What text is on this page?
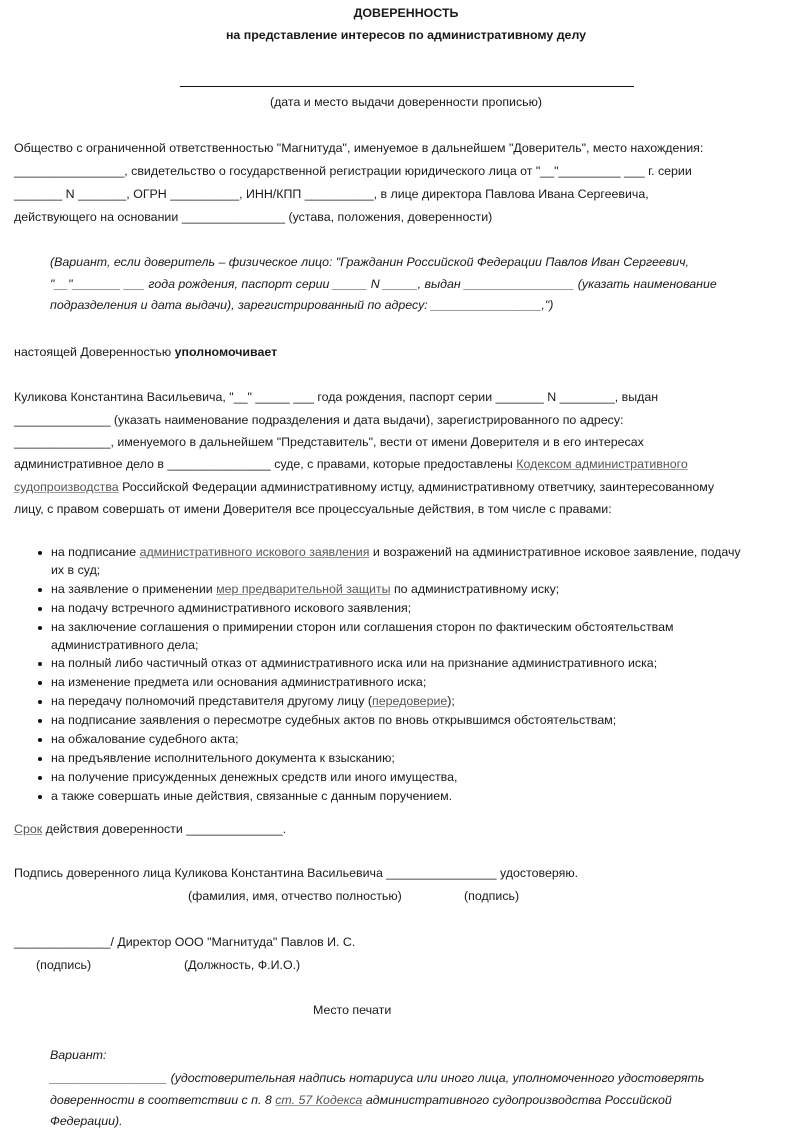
ДОВЕРЕННОСТЬ
на представление интересов по административному делу
(дата и место выдачи доверенности прописью)
Общество с ограниченной ответственностью "Магнитуда", именуемое в дальнейшем "Доверитель", место нахождения:
________________, свидетельство о государственной регистрации юридического лица от "__"_________ ___ г. серии
_______ N _______, ОГРН __________, ИНН/КПП __________, в лице директора Павлова Ивана Сергеевича,
действующего на основании _______________ (устава, положения, доверенности)
(Вариант, если доверитель – физическое лицо: "Гражданин Российской Федерации Павлов Иван Сергеевич,
"__"_______ ___ года рождения, паспорт серии _____ N _____, выдан ________________ (указать наименование
подразделения и дата выдачи), зарегистрированный по адресу: ________________,")
настоящей Доверенностью уполномочивает
Куликова Константина Васильевича, "__" _____ ___ года рождения, паспорт серии _______ N ________, выдан
______________ (указать наименование подразделения и дата выдачи), зарегистрированного по адресу:
______________, именуемого в дальнейшем "Представитель", вести от имени Доверителя и в его интересах
административное дело в _______________ суде, с правами, которые предоставлены Кодексом административного
судопроизводства Российской Федерации административному истцу, административному ответчику, заинтересованному
лицу, с правом совершать от имени Доверителя все процессуальные действия, в том числе с правами:
на подписание административного искового заявления и возражений на административное исковое заявление, подачу
их в суд;
на заявление о применении мер предварительной защиты по административному иску;
на подачу встречного административного искового заявления;
на заключение соглашения о примирении сторон или соглашения сторон по фактическим обстоятельствам
административного дела;
на полный либо частичный отказ от административного иска или на признание административного иска;
на изменение предмета или основания административного иска;
на передачу полномочий представителя другому лицу (передоверие);
на подписание заявления о пересмотре судебных актов по вновь открывшимся обстоятельствам;
на обжалование судебного акта;
на предъявление исполнительного документа к взысканию;
на получение присужденных денежных средств или иного имущества,
а также совершать иные действия, связанные с данным поручением.
Срок действия доверенности ______________.
Подпись доверенного лица Куликова Константина Васильевича ________________ удостоверяю.
(фамилия, имя, отчество полностью)	(подпись)
______________/ Директор ООО "Магнитуда" Павлов И. С.
(подпись)	(Должность, Ф.И.О.)
Место печати
Вариант:
_________________ (удостоверительная надпись нотариуса или иного лица, уполномоченного удостоверять
доверенности в соответствии с п. 8 ст. 57 Кодекса административного судопроизводства Российской
Федерации).
